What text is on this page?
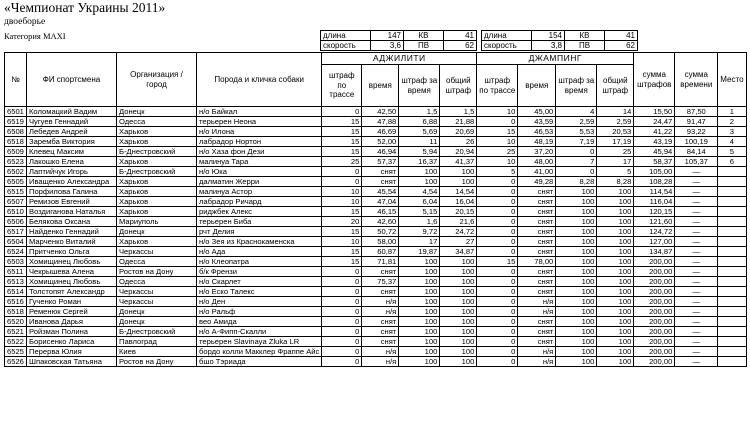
«Чемпионат Украины 2011»
двоеборье
Категория MAXI	длина	147	КВ	41		длина	154	КВ	41
скорость	3,6	ПВ	62		скорость	3,8	ПВ	62
№	ФИ спортсмена	Организация / город	Порода и кличка собаки	АДЖИЛИТИ				ДЖАМПИНГ				сумма штрафов	сумма времени	Место
				штраф по трассе	время	штраф за время	общий штраф	штраф по трассе	время	штраф за время	общий штраф			
6501	Коломацкий Вадим	Донецк	н/о Байкал	0	42,50	1,5	1,5	10	45,00	4	14	15,50	87,50	1
6519	Чугуев Геннадий	Одесса	терьерен Неона	15	47,88	6,88	21,88	0	43,59	2,59	2,59	24,47	91,47	2
6508	Лебедев Андрей	Харьков	н/о Илона	15	46,69	5,69	20,69	15	46,53	5,53	20,53	41,22	93,22	3
6518	Заремба Виктория	Харьков	лабрадор Нортон	15	52,00	11	26	10	48,19	7,19	17,19	43,19	100,19	4
6509	Клевец Максим	Б-Днестровский	н/о Хаза фон Дези	15	46,94	5,94	20,94	25	37,20	0	25	45,94	84,14	5
6523	Лакошко Елена	Харьков	малинуа Тара	25	57,37	16,37	41,37	10	48,00	7	17	58,37	105,37	6
6502	Лаптийчук Игорь	Б-Днестровский	н/о Юка	0	снят	100	100	5	41,00	0	5	105,00	—	
6505	Иващенко Александра	Харьков	далматин Жерри	0	снят	100	100	0	49,28	8,28	8,28	108,28	—	
6515	Порфилова Галина	Харьков	малинуа Астор	10	45,54	4,54	14,54	0	снят	100	100	114,54	—	
6507	Ремизов Евгений	Харьков	лабрадор Ричард	10	47,04	6,04	16,04	0	снят	100	100	116,04	—	
6510	Воздиганова Наталья	Харьков	риджбек Алекс	15	46,15	5,15	20,15	0	снят	100	100	120,15	—	
6506	Белякова Оксана	Мариуполь	терьерен Биба	20	42,60	1,6	21,6	0	снят	100	100	121,60	—	
6517	Найденко Геннадий	Донецк	рчт Делия	15	50,72	9,72	24,72	0	снят	100	100	124,72	—	
6504	Марченко Виталий	Харьков	н/о Зея из Краснокаменска	10	58,00	17	27	0	снят	100	100	127,00	—	
6524	Притченко Ольга	Черкассы	н/о Ада	15	60,87	19,87	34,87	0	снят	100	100	134,87	—	
6503	Хомищинец Любовь	Одесса	н/о Клеопатра	15	71,81	100	100	15	78,00	100	100	200,00	—	
6511	Чекрышева Алена	Ростов на Дону	б/к Френзи	0	снят	100	100	0	снят	100	100	200,00	—	
6513	Хомищинец Любовь	Одесса	н/о Скарлет	0	75,37	100	100	0	снят	100	100	200,00	—	
6514	Толстопят Александр	Черкассы	н/о Еско Талекс	0	снят	100	100	0	снят	100	100	200,00	—	
6516	Гученко Роман	Черкассы	н/о Ден	0	н/я	100	100	0	н/я	100	100	200,00	—	
6518	Ременюк Сергей	Донецк	н/о Ральф	0	н/я	100	100	0	н/я	100	100	200,00	—	
6520	Иванова Дарья	Донецк	вео Амида	0	снят	100	100	0	снят	100	100	200,00	—	
6521	Ройзман Полина	Б-Днестровский	н/о А-Фипп-Скалли	0	снят	100	100	0	снят	100	100	200,00	—	
6522	Борисенко Лариса	Павлоград	терьерен Slavinaya Zluka LR	0	снят	100	100	0	снят	100	100	200,00	—	
6525	Перерва Юлия	Киев	бордо колли Макклер Фраппе Айс	0	н/я	100	100	0	н/я	100	100	200,00	—	
6526	Шпаковская Татьяна	Ростов на Дону	бшо Тэриада	0	н/я	100	100	0	н/я	100	100	200,00	—	
